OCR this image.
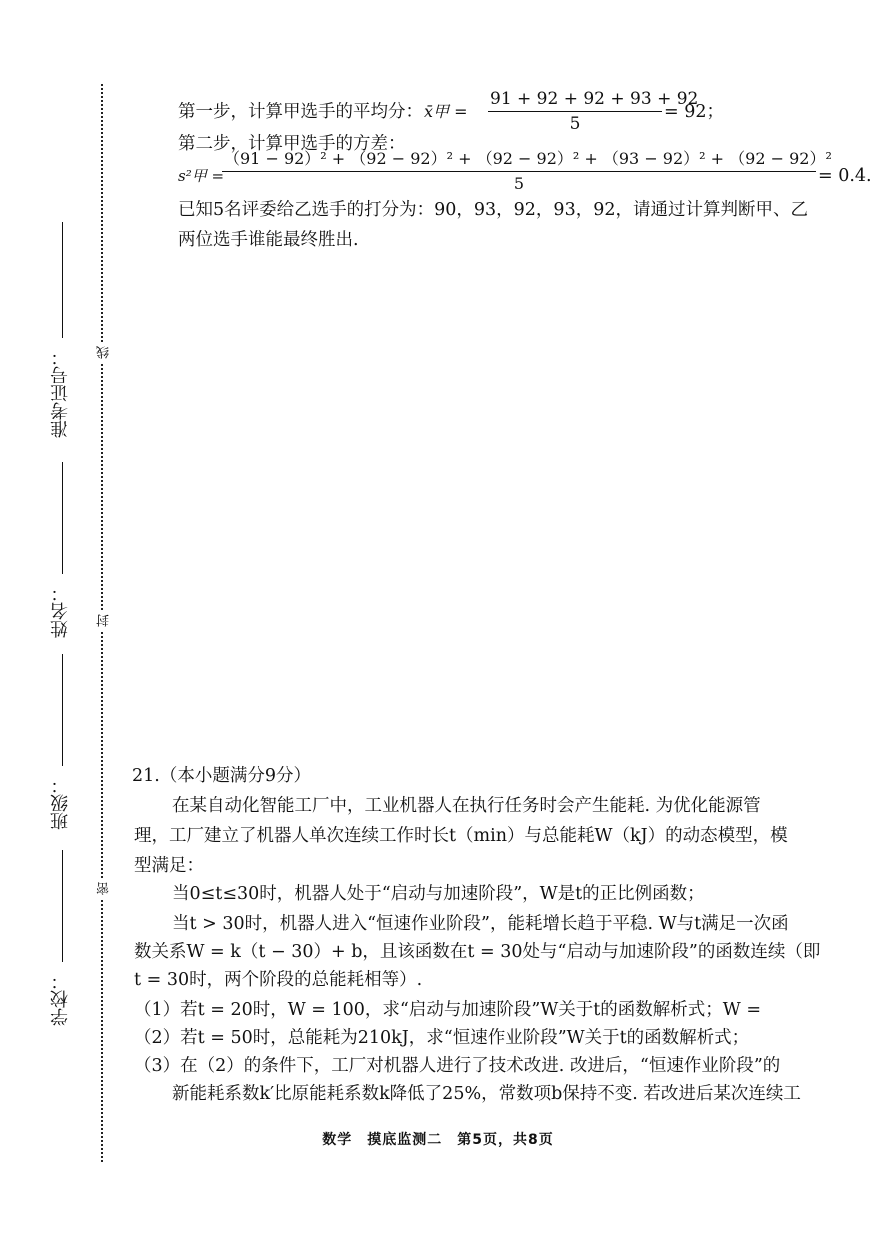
线
封
密
准考证号：
姓名：
班级：
学校：
第一步，计算甲选手的平均分： x̄甲 =
91 + 92 + 92 + 93 + 92
5
= 92；
第二步，计算甲选手的方差：
s²甲 =
（91 − 92）² + （92 − 92）² + （92 − 92）² + （93 − 92）² + （92 − 92）²
5	= 0.4.
已知5名评委给乙选手的打分为：90，93，92，93，92，请通过计算判断甲、乙
两位选手谁能最终胜出.
21.（本小题满分9分）
在某自动化智能工厂中，工业机器人在执行任务时会产生能耗. 为优化能源管
理，工厂建立了机器人单次连续工作时长t（min）与总能耗W（kJ）的动态模型，模
型满足：
当0≤t≤30时，机器人处于“启动与加速阶段”，W是t的正比例函数；
当t > 30时，机器人进入“恒速作业阶段”，能耗增长趋于平稳. W与t满足一次函
数关系W = k（t − 30）+ b，且该函数在t = 30处与“启动与加速阶段”的函数连续（即
t = 30时，两个阶段的总能耗相等）.
（1）若t = 20时，W = 100，求“启动与加速阶段”W关于t的函数解析式；W =
（2）若t = 50时，总能耗为210kJ，求“恒速作业阶段”W关于t的函数解析式；
（3）在（2）的条件下，工厂对机器人进行了技术改进. 改进后，“恒速作业阶段”的
新能耗系数k′比原能耗系数k降低了25%，常数项b保持不变. 若改进后某次连续工
数学　摸底监测二　第5页，共8页
